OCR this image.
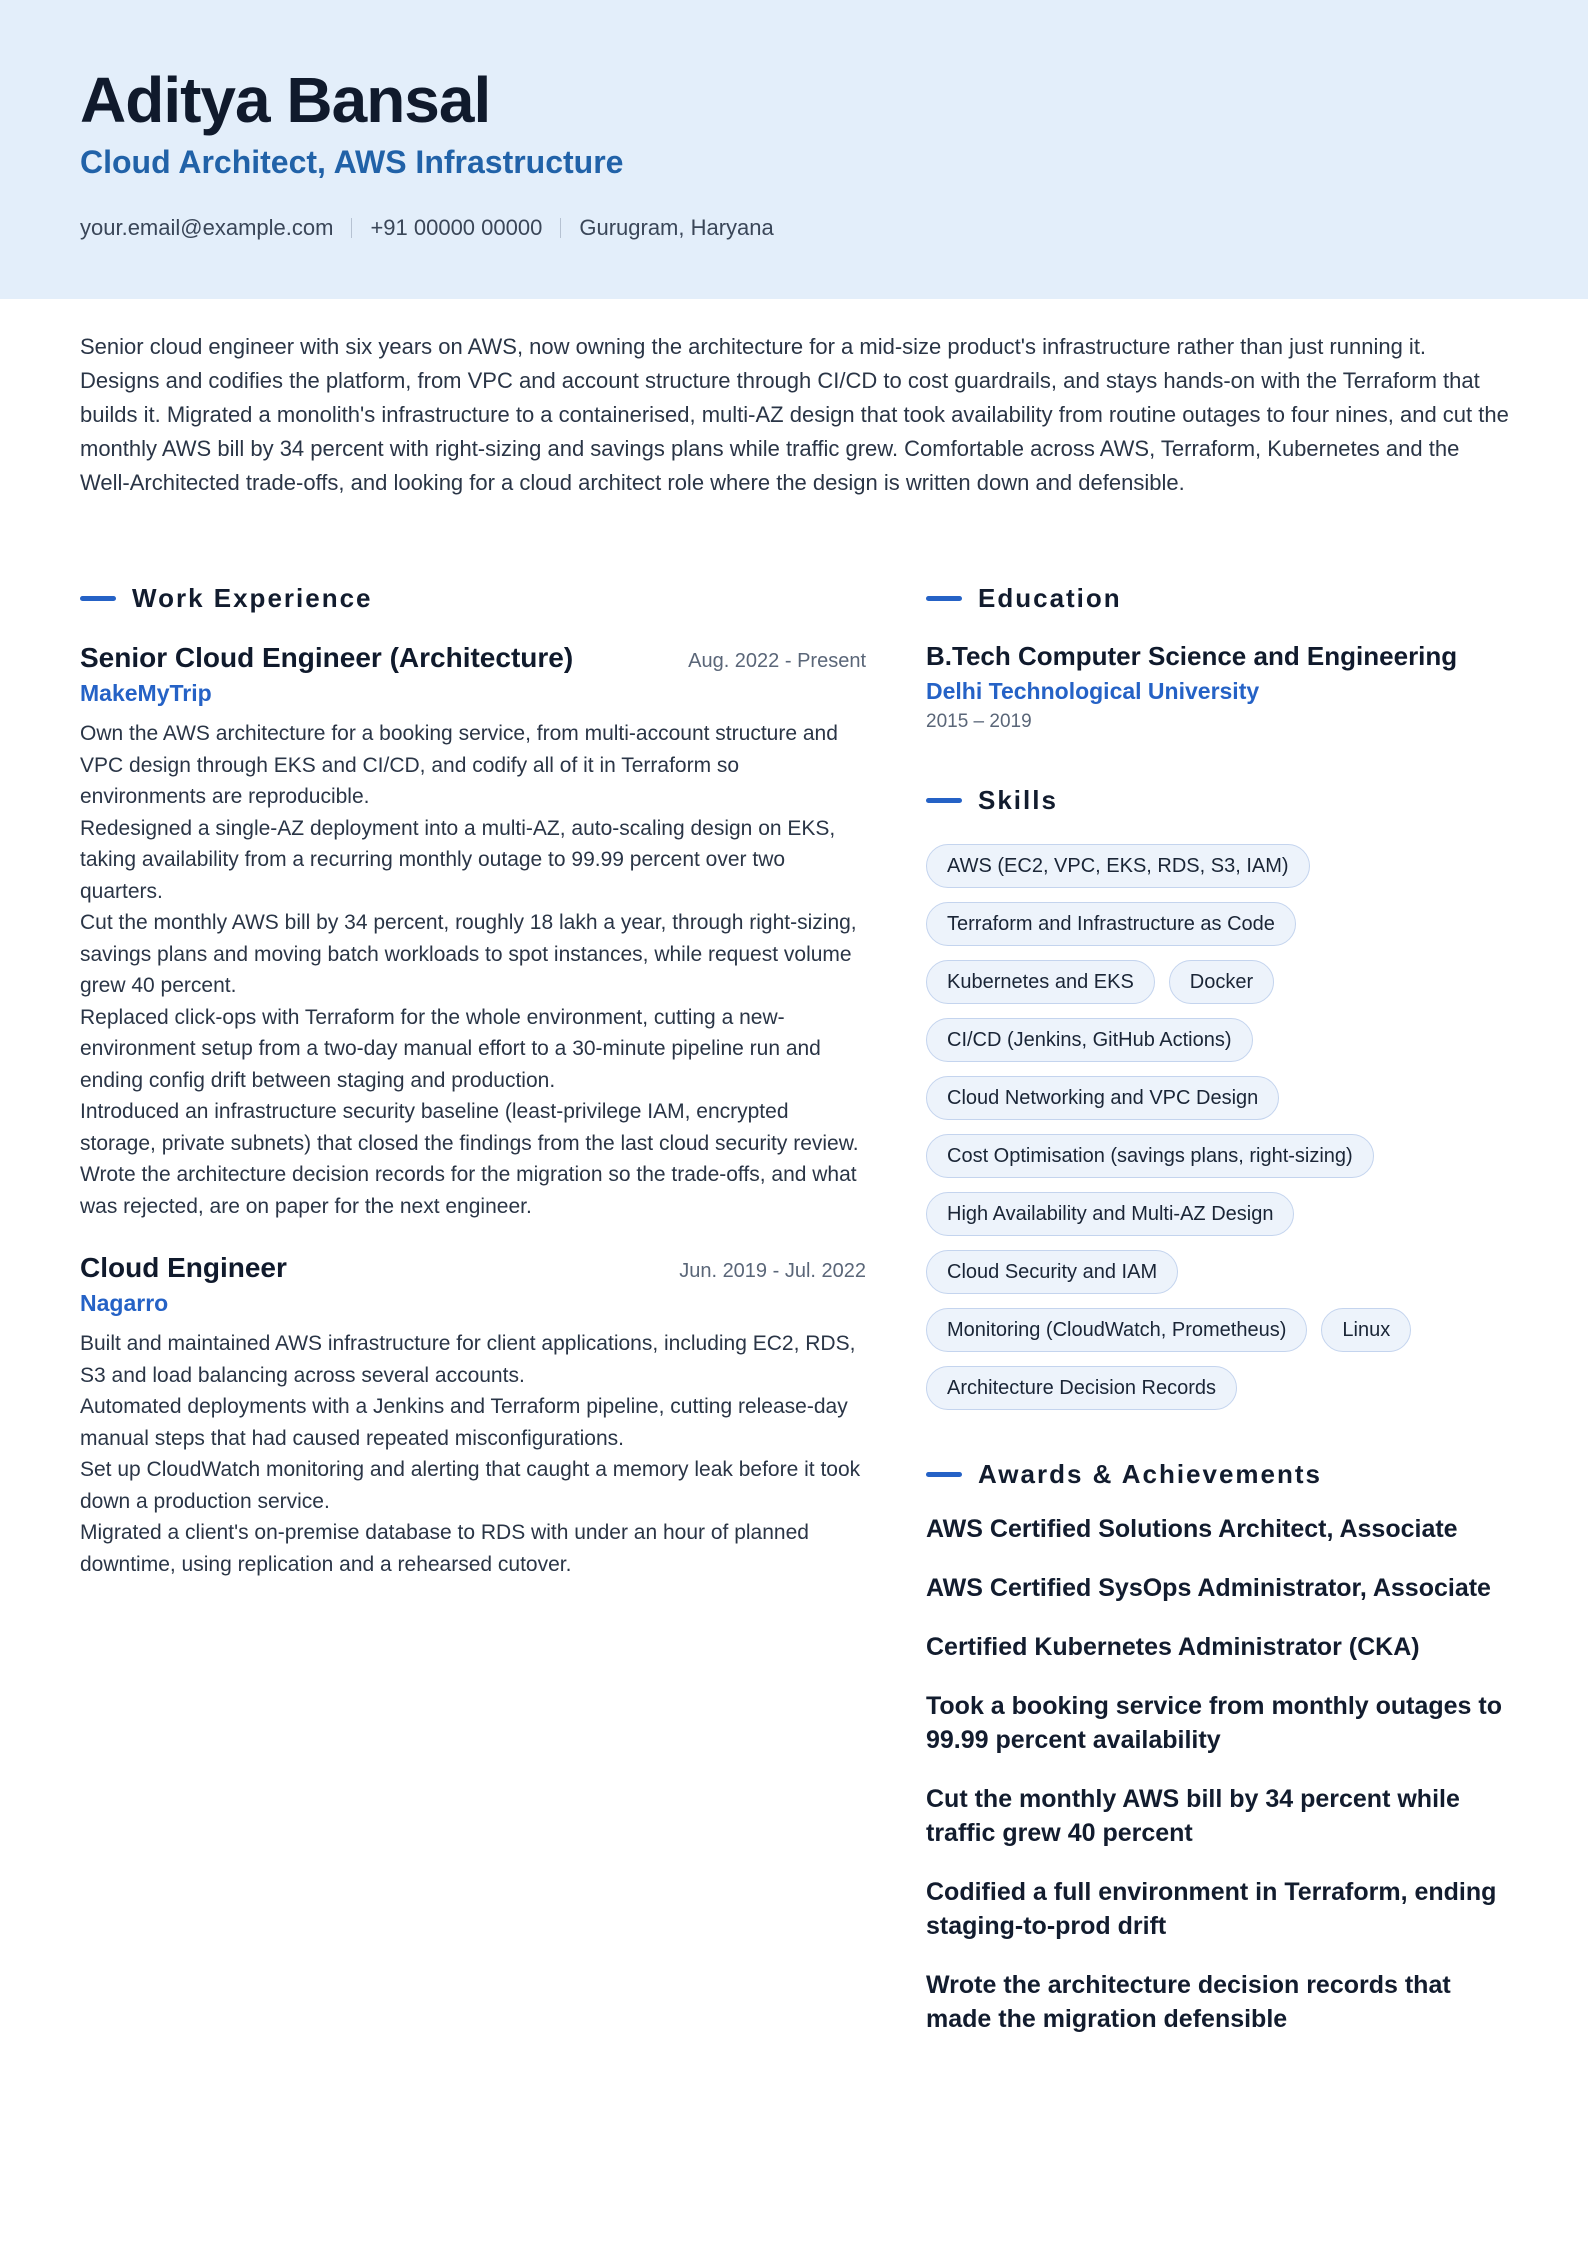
Aditya Bansal
Cloud Architect, AWS Infrastructure
your.email@example.com +91 00000 00000 Gurugram, Haryana

Senior cloud engineer with six years on AWS, now owning the architecture for a mid-size product's infrastructure rather than just running it. Designs and codifies the platform, from VPC and account structure through CI/CD to cost guardrails, and stays hands-on with the Terraform that builds it. Migrated a monolith's infrastructure to a containerised, multi-AZ design that took availability from routine outages to four nines, and cut the monthly AWS bill by 34 percent with right-sizing and savings plans while traffic grew. Comfortable across AWS, Terraform, Kubernetes and the Well-Architected trade-offs, and looking for a cloud architect role where the design is written down and defensible.

Work Experience
Senior Cloud Engineer (Architecture)	Aug. 2022 - Present
MakeMyTrip

Own the AWS architecture for a booking service, from multi-account structure and VPC design through EKS and CI/CD, and codify all of it in Terraform so environments are reproducible.

Redesigned a single-AZ deployment into a multi-AZ, auto-scaling design on EKS, taking availability from a recurring monthly outage to 99.99 percent over two quarters.

Cut the monthly AWS bill by 34 percent, roughly 18 lakh a year, through right-sizing, savings plans and moving batch workloads to spot instances, while request volume grew 40 percent.

Replaced click-ops with Terraform for the whole environment, cutting a new-environment setup from a two-day manual effort to a 30-minute pipeline run and ending config drift between staging and production.

Introduced an infrastructure security baseline (least-privilege IAM, encrypted storage, private subnets) that closed the findings from the last cloud security review.

Wrote the architecture decision records for the migration so the trade-offs, and what was rejected, are on paper for the next engineer.

Cloud Engineer	Jun. 2019 - Jul. 2022
Nagarro

Built and maintained AWS infrastructure for client applications, including EC2, RDS, S3 and load balancing across several accounts.

Automated deployments with a Jenkins and Terraform pipeline, cutting release-day manual steps that had caused repeated misconfigurations.

Set up CloudWatch monitoring and alerting that caught a memory leak before it took down a production service.

Migrated a client's on-premise database to RDS with under an hour of planned downtime, using replication and a rehearsed cutover.

Education
B.Tech Computer Science and Engineering
Delhi Technological University
2015 – 2019
Skills
AWS (EC2, VPC, EKS, RDS, S3, IAM)
Terraform and Infrastructure as Code
Kubernetes and EKS	Docker
CI/CD (Jenkins, GitHub Actions)
Cloud Networking and VPC Design
Cost Optimisation (savings plans, right-sizing)
High Availability and Multi-AZ Design
Cloud Security and IAM
Monitoring (CloudWatch, Prometheus)	Linux
Architecture Decision Records
Awards & Achievements
AWS Certified Solutions Architect, Associate
AWS Certified SysOps Administrator, Associate
Certified Kubernetes Administrator (CKA)
Took a booking service from monthly outages to 99.99 percent availability
Cut the monthly AWS bill by 34 percent while traffic grew 40 percent
Codified a full environment in Terraform, ending staging-to-prod drift
Wrote the architecture decision records that made the migration defensible
